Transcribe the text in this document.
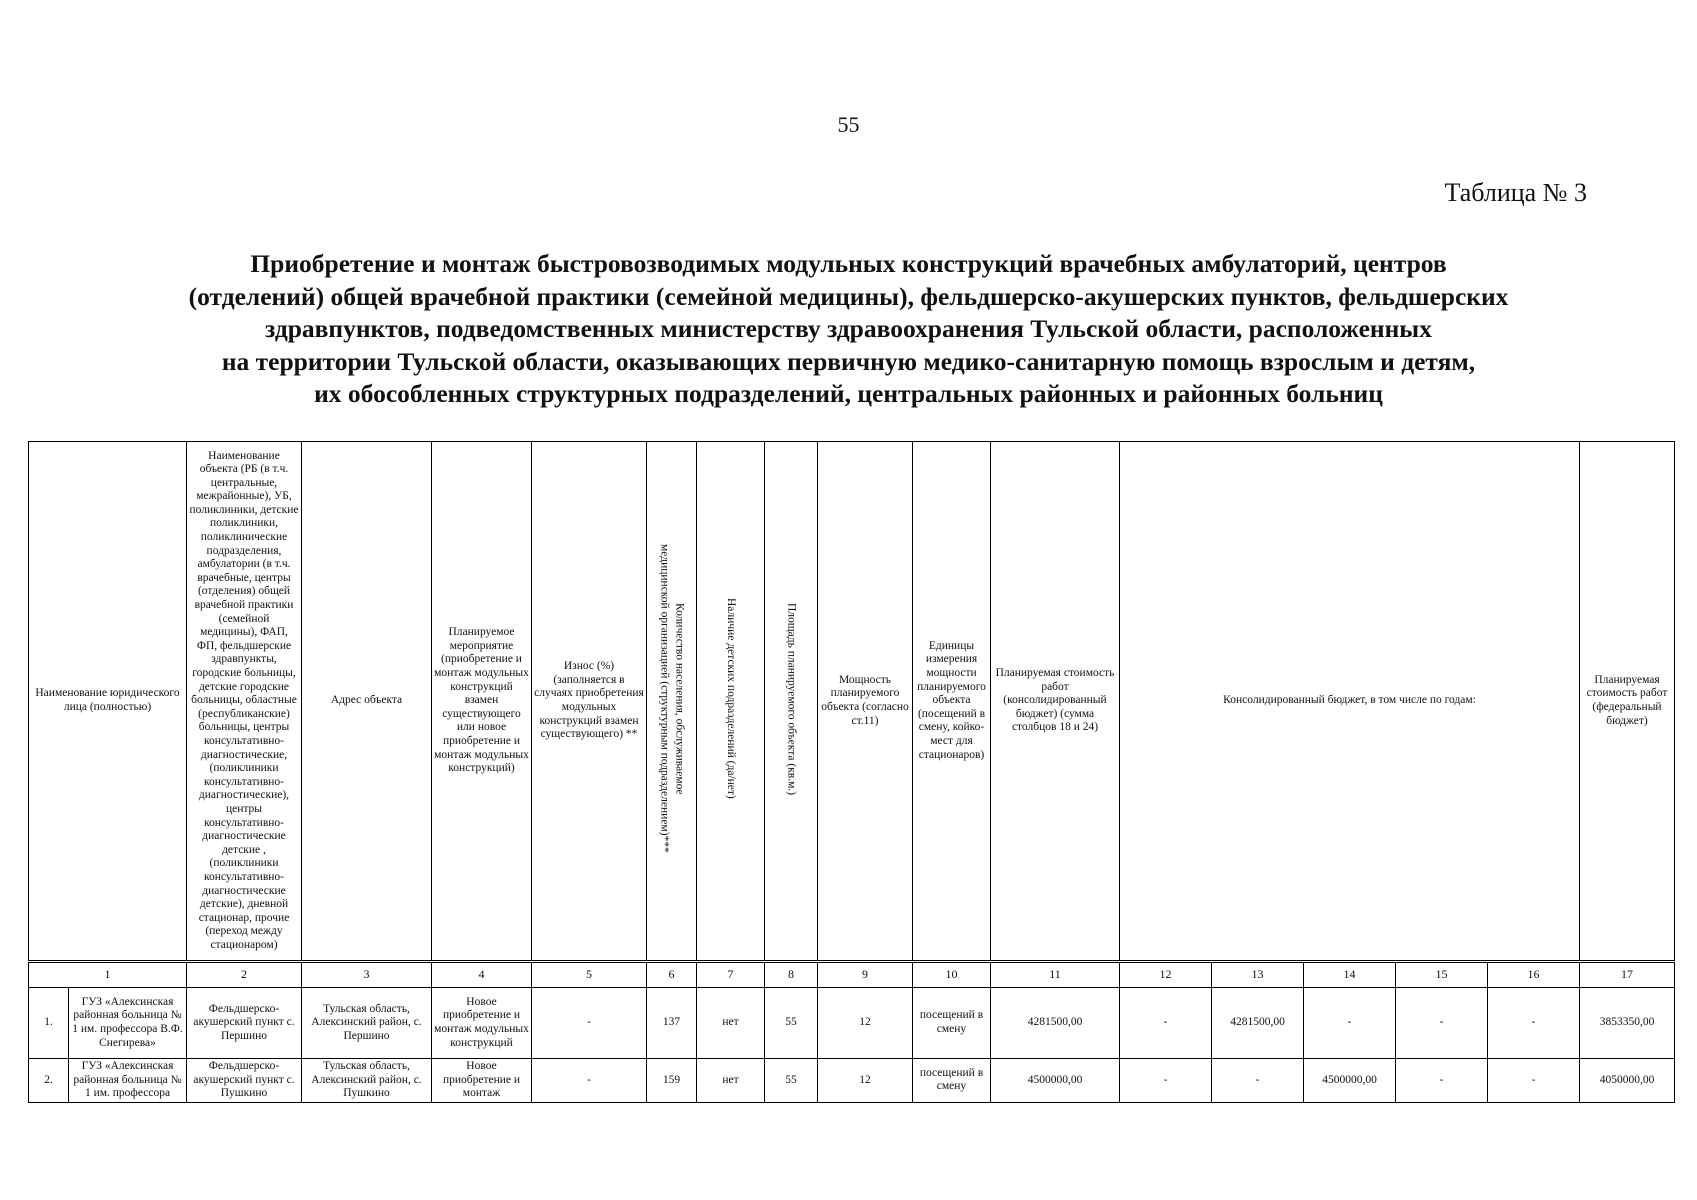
55
Таблица № 3
Приобретение и монтаж быстровозводимых модульных конструкций врачебных амбулаторий, центров
(отделений) общей врачебной практики (семейной медицины), фельдшерско-акушерских пунктов, фельдшерских
здравпунктов, подведомственных министерству здравоохранения Тульской области, расположенных
на территории Тульской области, оказывающих первичную медико-санитарную помощь взрослым и детям,
их обособленных структурных подразделений, центральных районных и районных больниц
Наименование юридического лица (полностью)	Наименование объекта (РБ (в т.ч. центральные, межрайонные), УБ, поликлиники, детские поликлиники, поликлинические подразделения, амбулатории (в т.ч. врачебные, центры (отделения) общей врачебной практики (семейной медицины), ФАП, ФП, фельдшерские здравпункты, городские больницы, детские городские больницы, областные (республиканские) больницы, центры консультативно-диагностические, (поликлиники консультативно-диагностические), центры консультативно-диагностические детские , (поликлиники консультативно-диагностические детские), дневной стационар, прочие (переход между стационаром)	Адрес объекта	Планируемое мероприятие (приобретение и монтаж модульных конструкций взамен существующего или новое приобретение и монтаж модульных конструкций)	Износ (%) (заполняется в случаях приобретения модульных конструкций взамен существующего) **	Количество населения, обслуживаемое
медицинской организацией (структурным подразделением)***	Наличие детских подразделений (да/нет)	Площадь планируемого объекта (кв.м.)	Мощность планируемого объекта (согласно ст.11)	Единицы измерения мощности планируемого объекта (посещений в смену, койко-мест для стационаров)	Планируемая стоимость работ (консолидированный бюджет) (сумма столбцов 18 и 24)	Консолидированный бюджет, в том числе по годам:	Планируемая стоимость работ (федеральный бюджет)
1		2	3	4	5	6	7	8	9	10	11	12	13	14	15	16	17
1.	ГУЗ «Алексинская районная больница № 1 им. профессора В.Ф. Снегирева»	Фельдшерско-акушерский пункт с. Першино	Тульская область, Алексинский район, с. Першино	Новое приобретение и монтаж модульных конструкций	-	137	нет	55	12	посещений в смену	4281500,00	-	4281500,00	-	-	-	3853350,00
2.	ГУЗ «Алексинская районная больница № 1 им. профессора	Фельдшерско-акушерский пункт с. Пушкино	Тульская область, Алексинский район, с. Пушкино	Новое приобретение и монтаж	-	159	нет	55	12	посещений в смену	4500000,00	-	-	4500000,00	-	-	4050000,00
